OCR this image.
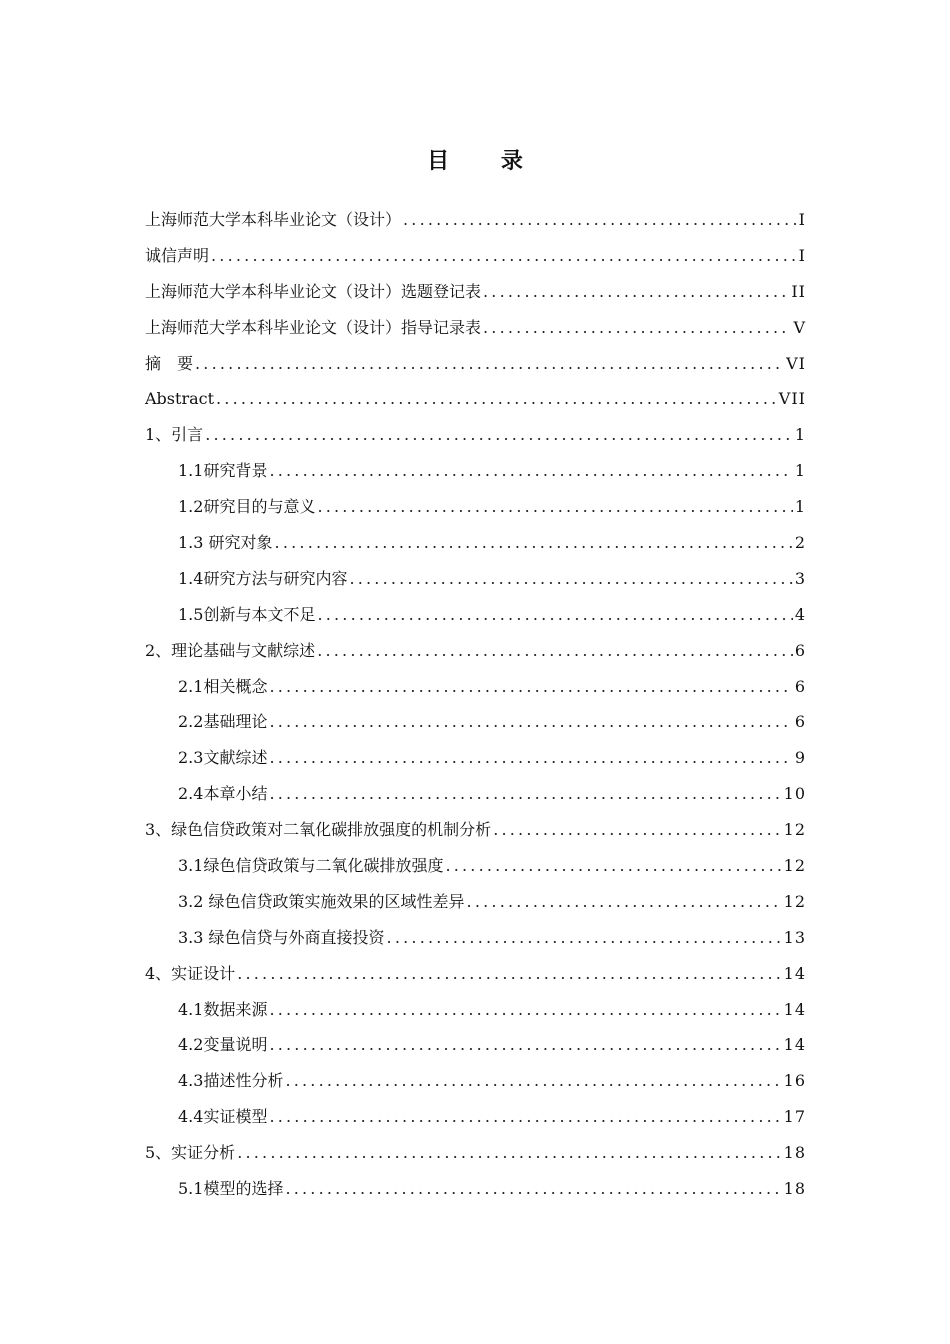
目 录
上海师范大学本科毕业论文（设计） .....	I
诚信声明 .....	I
上海师范大学本科毕业论文（设计）选题登记表 .....	II
上海师范大学本科毕业论文（设计）指导记录表 .....	V
摘　要 .....	VI
Abstract .....	VII
1、引言 .....	1
1.1研究背景 .....	1
1.2研究目的与意义 .....	1
1.3 研究对象 .....	2
1.4研究方法与研究内容 .....	3
1.5创新与本文不足 .....	4
2、理论基础与文献综述 .....	6
2.1相关概念 .....	6
2.2基础理论 .....	6
2.3文献综述 .....	9
2.4本章小结 .....	10
3、绿色信贷政策对二氧化碳排放强度的机制分析 .....	12
3.1绿色信贷政策与二氧化碳排放强度 .....	12
3.2 绿色信贷政策实施效果的区域性差异 .....	12
3.3 绿色信贷与外商直接投资 .....	13
4、实证设计 .....	14
4.1数据来源 .....	14
4.2变量说明 .....	14
4.3描述性分析 .....	16
4.4实证模型 .....	17
5、实证分析 .....	18
5.1模型的选择 .....	18
